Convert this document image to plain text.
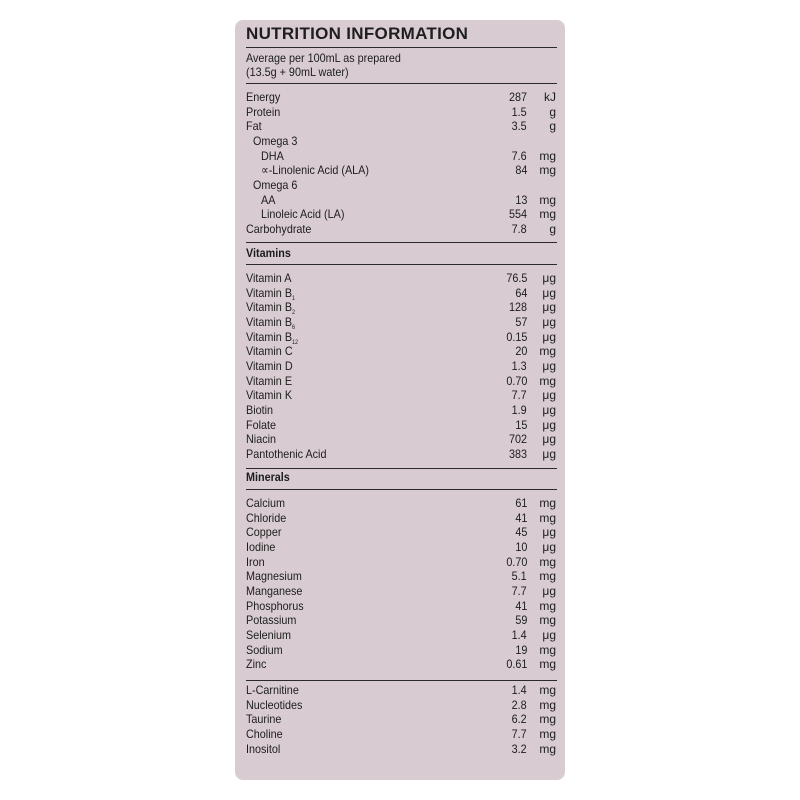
NUTRITION INFORMATION
Average per 100mL as prepared
(13.5g + 90mL water)
Energy	287 kJ
Protein	1.5 g
Fat	3.5 g
Omega 3
DHA	7.6 mg
∝-Linolenic Acid (ALA)	84 mg
Omega 6
AA	13 mg
Linoleic Acid (LA)	554 mg
Carbohydrate	7.8 g
Vitamins
Vitamin A	76.5 μg
Vitamin $B_1$	64 μg
Vitamin $B_2$	128 μg
Vitamin $B_6$	57 μg
Vitamin $B_{12}$	0.15 μg
Vitamin C	20 mg
Vitamin D	1.3 μg
Vitamin E	0.70 mg
Vitamin K	7.7 μg
Biotin	1.9 μg
Folate	15 μg
Niacin	702 μg
Pantothenic Acid	383 μg
Minerals
Calcium	61 mg
Chloride	41 mg
Copper	45 μg
Iodine	10 μg
Iron	0.70 mg
Magnesium	5.1 mg
Manganese	7.7 μg
Phosphorus	41 mg
Potassium	59 mg
Selenium	1.4 μg
Sodium	19 mg
Zinc	0.61 mg
L-Carnitine	1.4 mg
Nucleotides	2.8 mg
Taurine	6.2 mg
Choline	7.7 mg
Inositol	3.2 mg
